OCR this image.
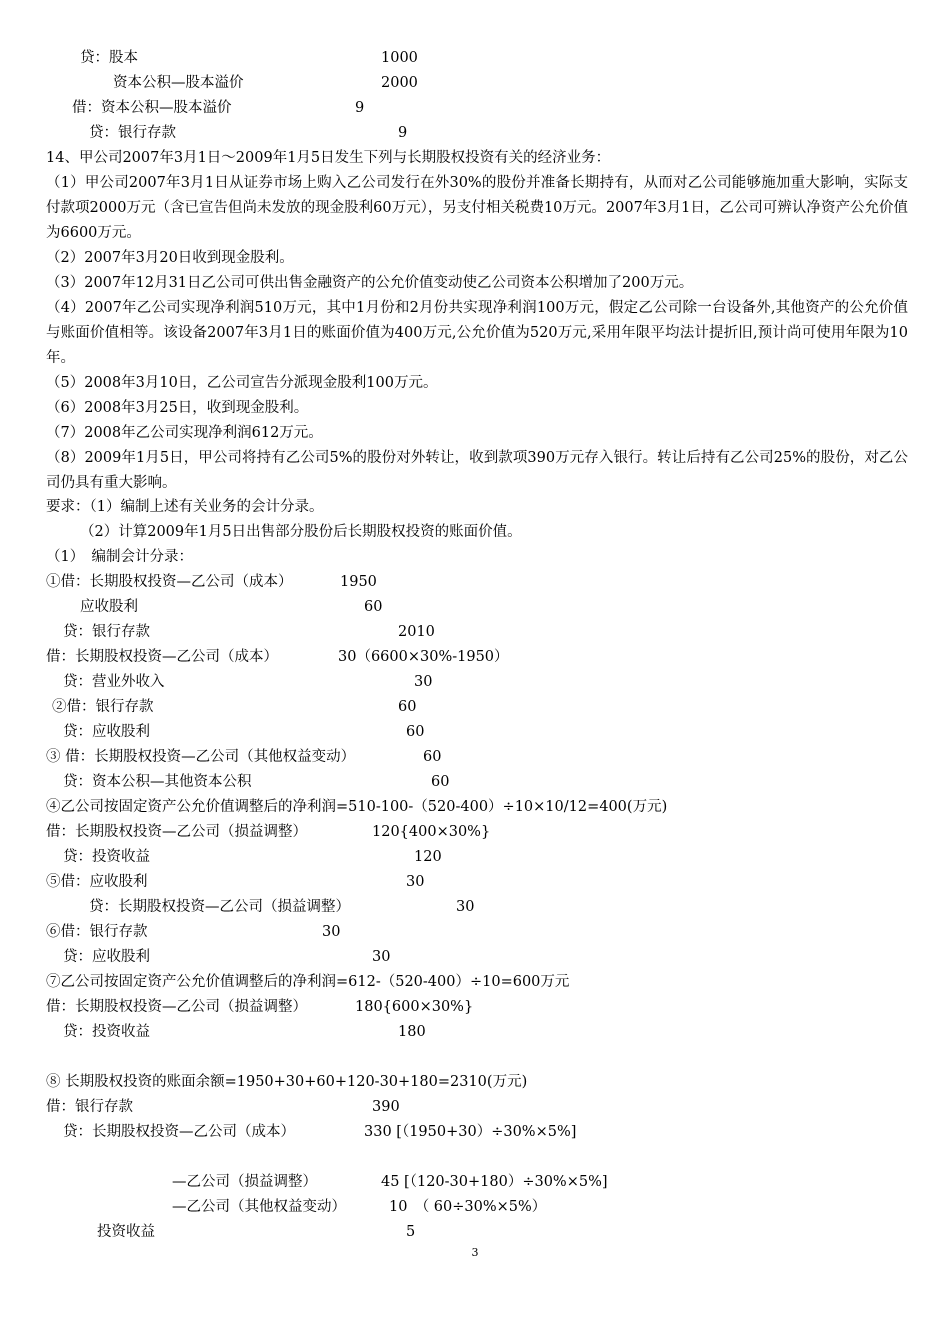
贷：股本	1000
资本公积—股本溢价	2000
借：资本公积—股本溢价	9
贷：银行存款	9
14、甲公司2007年3月1日～2009年1月5日发生下列与长期股权投资有关的经济业务：
（1）甲公司2007年3月1日从证券市场上购入乙公司发行在外30%的股份并准备长期持有，从而对乙公司能够施加重大影响，实际支付款项2000万元（含已宣告但尚未发放的现金股利60万元），另支付相关税费10万元。2007年3月1日，乙公司可辨认净资产公允价值为6600万元。
（2）2007年3月20日收到现金股利。
（3）2007年12月31日乙公司可供出售金融资产的公允价值变动使乙公司资本公积增加了200万元。
（4）2007年乙公司实现净利润510万元，其中1月份和2月份共实现净利润100万元，假定乙公司除一台设备外,其他资产的公允价值与账面价值相等。该设备2007年3月1日的账面价值为400万元,公允价值为520万元,采用年限平均法计提折旧,预计尚可使用年限为10年。
（5）2008年3月10日，乙公司宣告分派现金股利100万元。
（6）2008年3月25日，收到现金股利。
（7）2008年乙公司实现净利润612万元。
（8）2009年1月5日，甲公司将持有乙公司5%的股份对外转让，收到款项390万元存入银行。转让后持有乙公司25%的股份，对乙公司仍具有重大影响。
要求：（1）编制上述有关业务的会计分录。
（2）计算2009年1月5日出售部分股份后长期股权投资的账面价值。
（1）　编制会计分录：
①借：长期股权投资—乙公司（成本）	1950
应收股利	60
贷：银行存款	2010
借：长期股权投资—乙公司（成本）	30（6600×30%-1950）
贷：营业外收入	30
②借：银行存款	60
贷：应收股利	60
③ 借：长期股权投资—乙公司（其他权益变动）	60
贷：资本公积—其他资本公积	60
④乙公司按固定资产公允价值调整后的净利润=510-100-（520-400）÷10×10/12=400(万元)
借：长期股权投资—乙公司（损益调整）	120{400×30%}
贷：投资收益	120
⑤借：应收股利	30
贷：长期股权投资—乙公司（损益调整）	30
⑥借：银行存款	30
贷：应收股利	30
⑦乙公司按固定资产公允价值调整后的净利润=612-（520-400）÷10=600万元
借：长期股权投资—乙公司（损益调整）	180{600×30%}
贷：投资收益	180
⑧ 长期股权投资的账面余额=1950+30+60+120-30+180=2310(万元)
借：银行存款	390
贷：长期股权投资—乙公司（成本）	330 [（1950+30）÷30%×5%]
—乙公司（损益调整）	45 [（120-30+180）÷30%×5%]
—乙公司（其他权益变动）	10　（ 60÷30%×5%）
投资收益	5
3
